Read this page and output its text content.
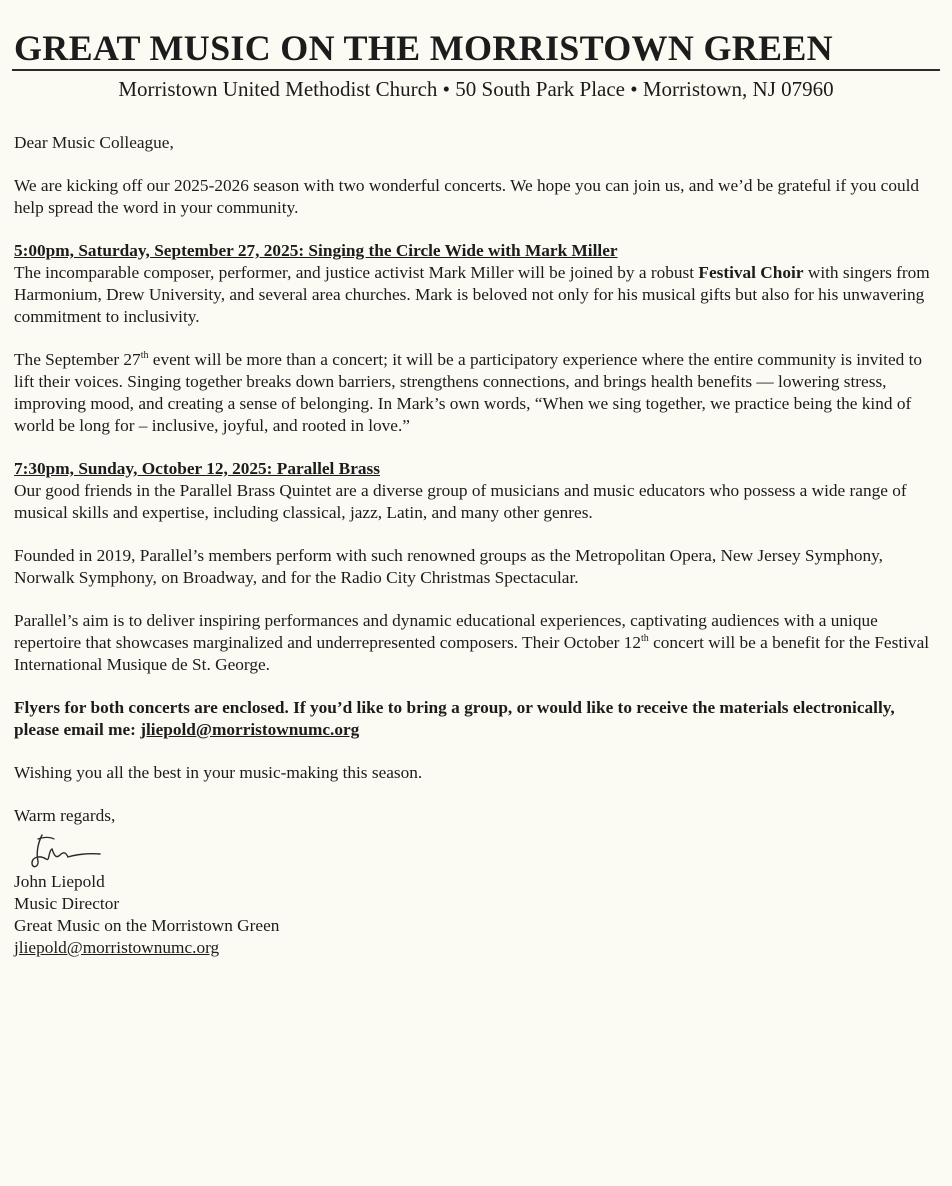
GREAT MUSIC ON THE MORRISTOWN GREEN
Morristown United Methodist Church • 50 South Park Place • Morristown, NJ 07960

Dear Music Colleague,

We are kicking off our 2025-2026 season with two wonderful concerts. We hope you can join us, and we’d be grateful if you could help spread the word in your community.

5:00pm, Saturday, September 27, 2025: Singing the Circle Wide with Mark Miller

The incomparable composer, performer, and justice activist Mark Miller will be joined by a robust Festival Choir with singers from Harmonium, Drew University, and several area churches. Mark is beloved not only for his musical gifts but also for his unwavering commitment to inclusivity.

The September 27th event will be more than a concert; it will be a participatory experience where the entire community is invited to lift their voices. Singing together breaks down barriers, strengthens connections, and brings health benefits — lowering stress, improving mood, and creating a sense of belonging. In Mark’s own words, “When we sing together, we practice being the kind of world be long for – inclusive, joyful, and rooted in love.”

7:30pm, Sunday, October 12, 2025: Parallel Brass

Our good friends in the Parallel Brass Quintet are a diverse group of musicians and music educators who possess a wide range of musical skills and expertise, including classical, jazz, Latin, and many other genres.

Founded in 2019, Parallel’s members perform with such renowned groups as the Metropolitan Opera, New Jersey Symphony, Norwalk Symphony, on Broadway, and for the Radio City Christmas Spectacular.

Parallel’s aim is to deliver inspiring performances and dynamic educational experiences, captivating audiences with a unique repertoire that showcases marginalized and underrepresented composers. Their October 12th concert will be a benefit for the Festival International Musique de St. George.

Flyers for both concerts are enclosed. If you’d like to bring a group, or would like to receive the materials electronically, please email me: jliepold@morristownumc.org

Wishing you all the best in your music-making this season.

Warm regards,

John Liepold

Music Director

Great Music on the Morristown Green

jliepold@morristownumc.org
